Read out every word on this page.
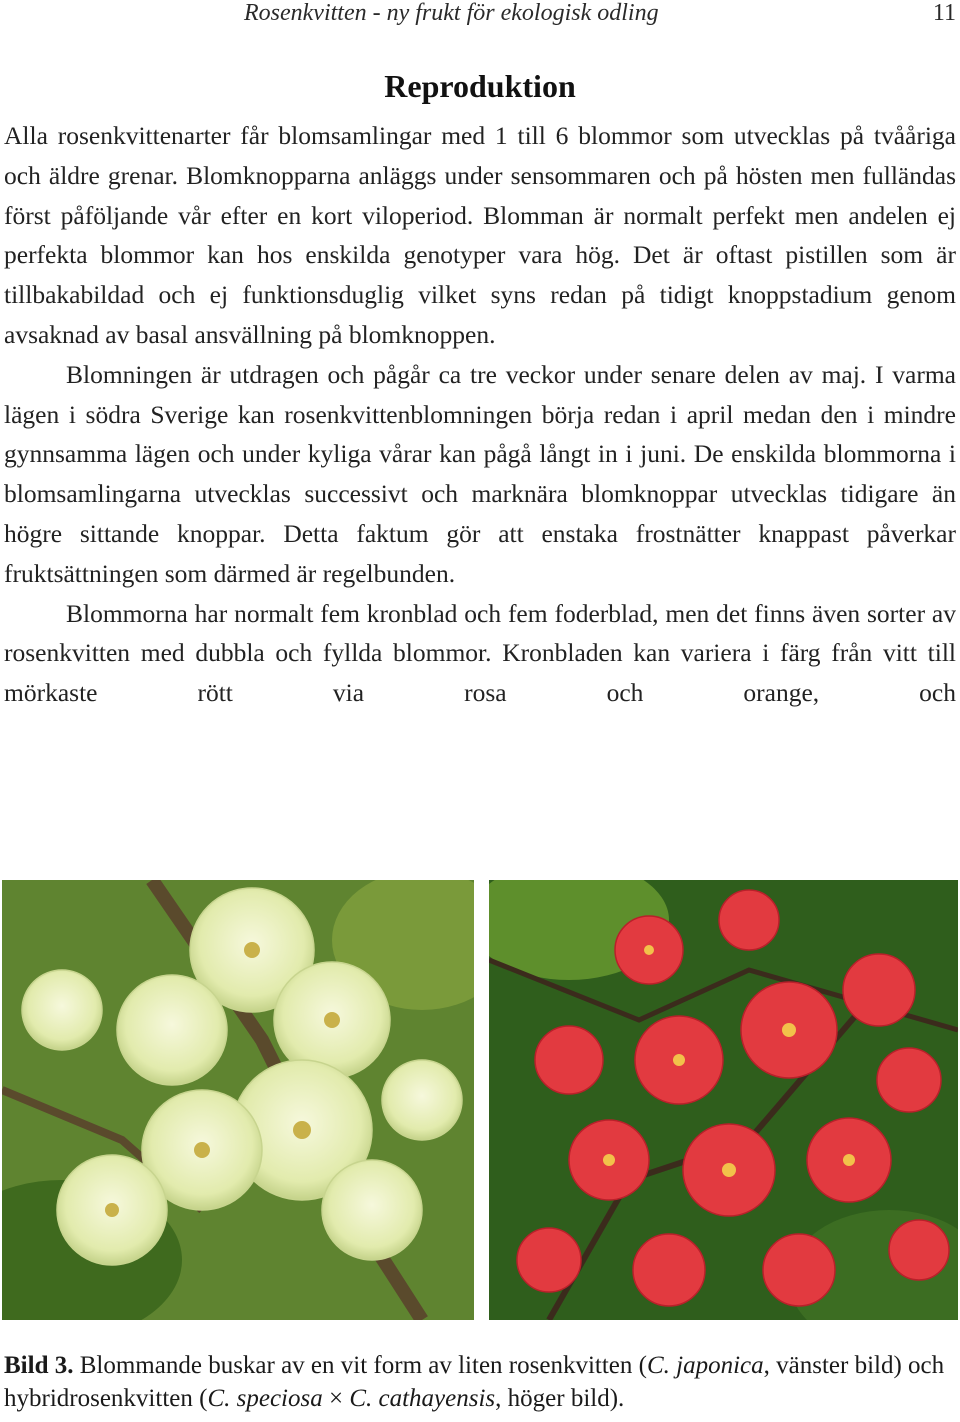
Rosenkvitten - ny frukt för ekologisk odling	11
Reproduktion

Alla rosenkvittenarter får blomsamlingar med 1 till 6 blommor som utvecklas på tvååriga och äldre grenar. Blomknopparna anläggs under sensommaren och på hösten men fulländas först påföljande vår efter en kort viloperiod. Blomman är normalt perfekt men andelen ej perfekta blommor kan hos enskilda genotyper vara hög. Det är oftast pistillen som är tillbakabildad och ej funktionsduglig vilket syns redan på tidigt knoppstadium genom avsaknad av basal ansvällning på blomknoppen.

Blomningen är utdragen och pågår ca tre veckor under senare delen av maj. I varma lägen i södra Sverige kan rosenkvittenblomningen börja redan i april medan den i mindre gynnsamma lägen och under kyliga vårar kan pågå långt in i juni. De enskilda blommorna i blomsamlingarna utvecklas successivt och marknära blomknoppar utvecklas tidigare än högre sittande knoppar. Detta faktum gör att enstaka frostnätter knappast påverkar fruktsättningen som därmed är regelbunden.

Blommorna har normalt fem kronblad och fem foderblad, men det finns även sorter av rosenkvitten med dubbla och fyllda blommor. Kronbladen kan variera i färg från vitt till mörkaste rött via rosa och orange, och

Bild 3. Blommande buskar av en vit form av liten rosenkvitten (C. japonica, vänster bild) och hybridrosenkvitten (C. speciosa × C. cathayensis, höger bild).
